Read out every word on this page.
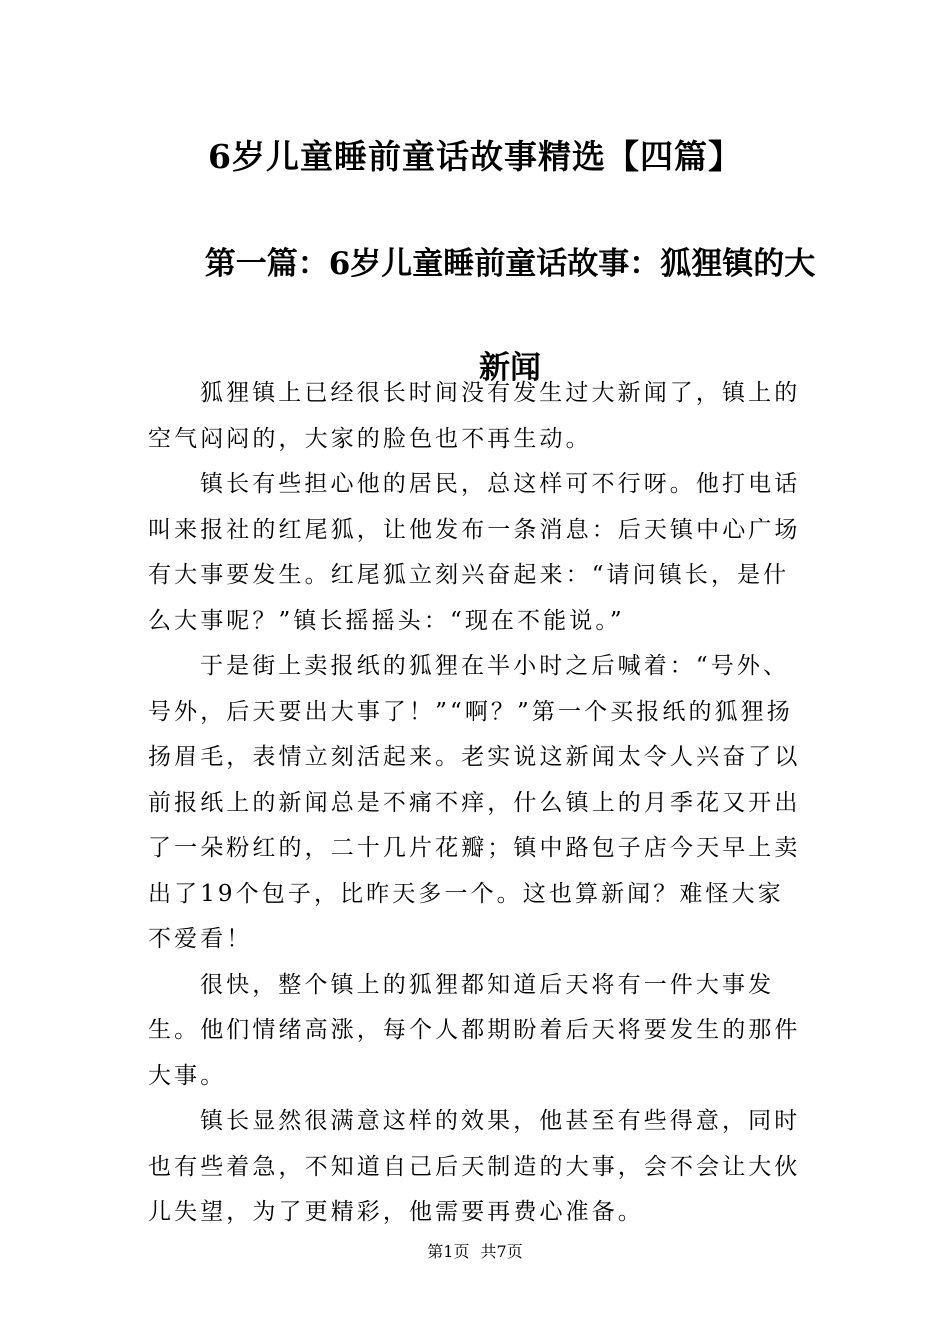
6岁儿童睡前童话故事精选【四篇】
第一篇：6岁儿童睡前童话故事：狐狸镇的大新闻

狐狸镇上已经很长时间没有发生过大新闻了，镇上的空气闷闷的，大家的脸色也不再生动。

镇长有些担心他的居民，总这样可不行呀。他打电话叫来报社的红尾狐，让他发布一条消息：后天镇中心广场有大事要发生。红尾狐立刻兴奋起来：“请问镇长，是什么大事呢？”镇长摇摇头：“现在不能说。”

于是街上卖报纸的狐狸在半小时之后喊着：“号外、号外，后天要出大事了！”“啊？”第一个买报纸的狐狸扬扬眉毛，表情立刻活起来。老实说这新闻太令人兴奋了以前报纸上的新闻总是不痛不痒，什么镇上的月季花又开出了一朵粉红的，二十几片花瓣；镇中路包子店今天早上卖出了19个包子，比昨天多一个。这也算新闻？难怪大家不爱看！

很快，整个镇上的狐狸都知道后天将有一件大事发生。他们情绪高涨，每个人都期盼着后天将要发生的那件大事。

镇长显然很满意这样的效果，他甚至有些得意，同时也有些着急，不知道自己后天制造的大事，会不会让大伙儿失望，为了更精彩，他需要再费心准备。

第1页 共7页
